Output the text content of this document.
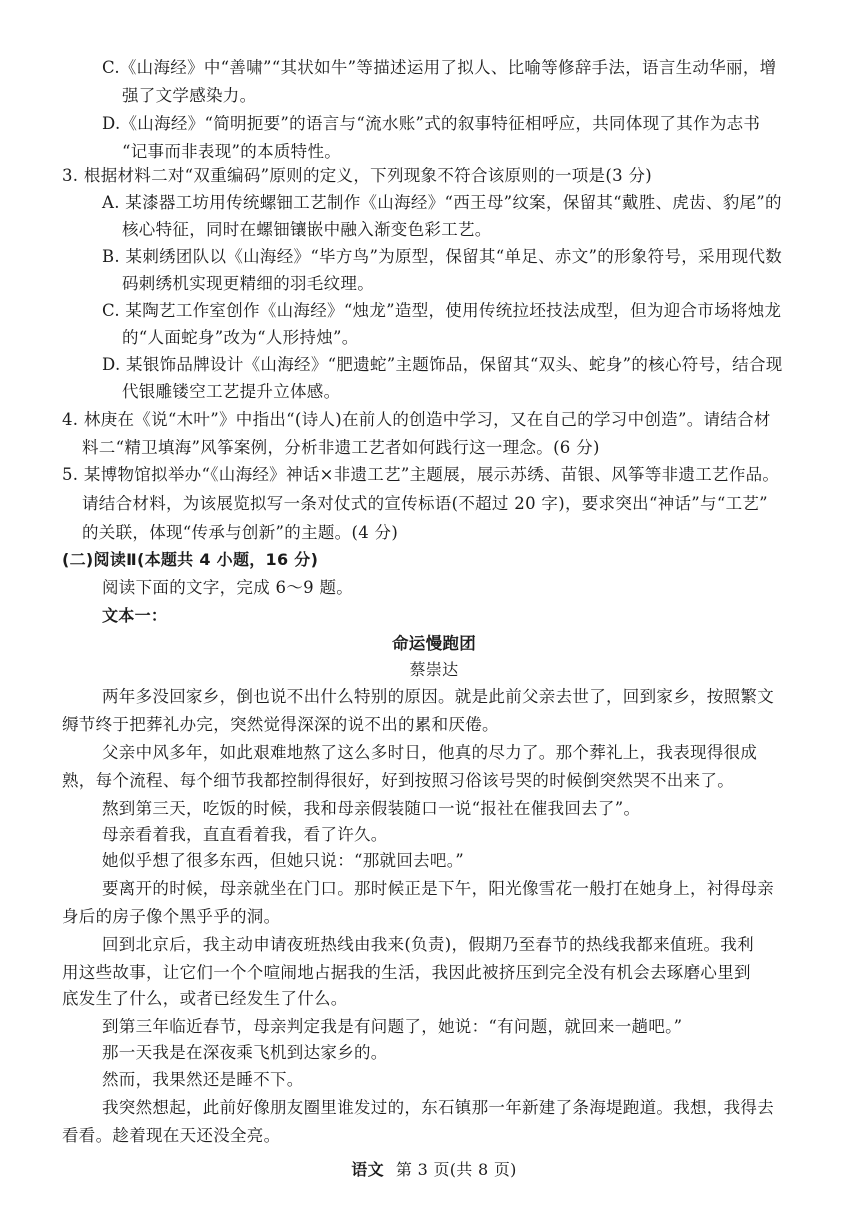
C.《山海经》中“善啸”“其状如牛”等描述运用了拟人、比喻等修辞手法，语言生动华丽，增
强了文学感染力。
D.《山海经》“简明扼要”的语言与“流水账”式的叙事特征相呼应，共同体现了其作为志书
“记事而非表现”的本质特性。
3. 根据材料二对“双重编码”原则的定义，下列现象不符合该原则的一项是(3 分)
A. 某漆器工坊用传统螺钿工艺制作《山海经》“西王母”纹案，保留其“戴胜、虎齿、豹尾”的
核心特征，同时在螺钿镶嵌中融入渐变色彩工艺。
B. 某刺绣团队以《山海经》“毕方鸟”为原型，保留其“单足、赤文”的形象符号，采用现代数
码刺绣机实现更精细的羽毛纹理。
C. 某陶艺工作室创作《山海经》“烛龙”造型，使用传统拉坯技法成型，但为迎合市场将烛龙
的“人面蛇身”改为“人形持烛”。
D. 某银饰品牌设计《山海经》“肥遗蛇”主题饰品，保留其“双头、蛇身”的核心符号，结合现
代银雕镂空工艺提升立体感。
4. 林庚在《说“木叶”》中指出“(诗人)在前人的创造中学习，又在自己的学习中创造”。请结合材
料二“精卫填海”风筝案例，分析非遗工艺者如何践行这一理念。(6 分)
5. 某博物馆拟举办“《山海经》神话×非遗工艺”主题展，展示苏绣、苗银、风筝等非遗工艺作品。
请结合材料，为该展览拟写一条对仗式的宣传标语(不超过 20 字)，要求突出“神话”与“工艺”
的关联，体现“传承与创新”的主题。(4 分)
(二)阅读Ⅱ(本题共 4 小题，16 分)
阅读下面的文字，完成 6～9 题。
文本一：
命运慢跑团
蔡崇达
两年多没回家乡，倒也说不出什么特别的原因。就是此前父亲去世了，回到家乡，按照繁文
缛节终于把葬礼办完，突然觉得深深的说不出的累和厌倦。
父亲中风多年，如此艰难地熬了这么多时日，他真的尽力了。那个葬礼上，我表现得很成
熟，每个流程、每个细节我都控制得很好，好到按照习俗该号哭的时候倒突然哭不出来了。
熬到第三天，吃饭的时候，我和母亲假装随口一说“报社在催我回去了”。
母亲看着我，直直看着我，看了许久。
她似乎想了很多东西，但她只说：“那就回去吧。”
要离开的时候，母亲就坐在门口。那时候正是下午，阳光像雪花一般打在她身上，衬得母亲
身后的房子像个黑乎乎的洞。
回到北京后，我主动申请夜班热线由我来(负责)，假期乃至春节的热线我都来值班。我利
用这些故事，让它们一个个喧闹地占据我的生活，我因此被挤压到完全没有机会去琢磨心里到
底发生了什么，或者已经发生了什么。
到第三年临近春节，母亲判定我是有问题了，她说：“有问题，就回来一趟吧。”
那一天我是在深夜乘飞机到达家乡的。
然而，我果然还是睡不下。
我突然想起，此前好像朋友圈里谁发过的，东石镇那一年新建了条海堤跑道。我想，我得去
看看。趁着现在天还没全亮。
语文 第 3 页(共 8 页)
